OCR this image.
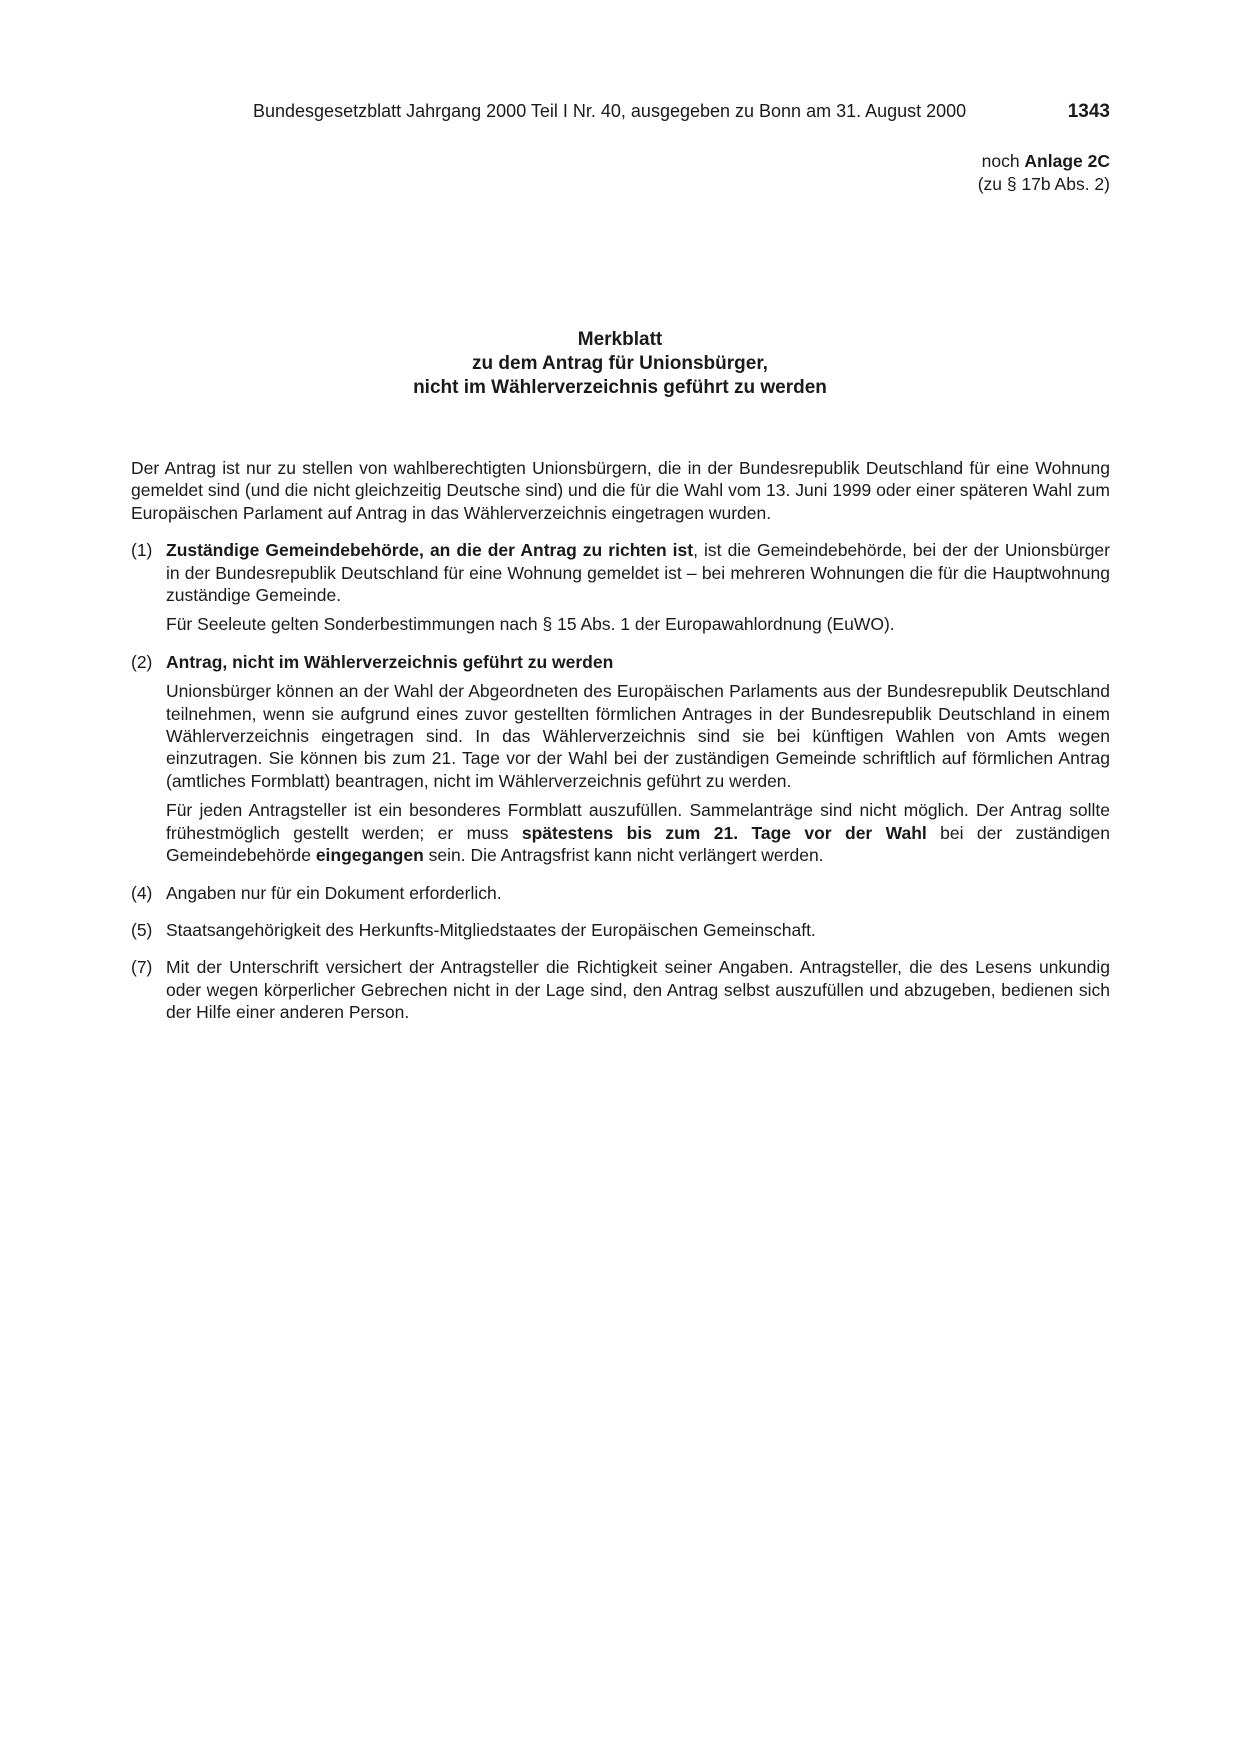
Bundesgesetzblatt Jahrgang 2000 Teil I Nr. 40, ausgegeben zu Bonn am 31. August 2000	1343
noch Anlage 2C
(zu § 17b Abs. 2)
Merkblatt
zu dem Antrag für Unionsbürger,
nicht im Wählerverzeichnis geführt zu werden

Der Antrag ist nur zu stellen von wahlberechtigten Unionsbürgern, die in der Bundesrepublik Deutschland für eine Wohnung gemeldet sind (und die nicht gleichzeitig Deutsche sind) und die für die Wahl vom 13. Juni 1999 oder einer späteren Wahl zum Europäischen Parlament auf Antrag in das Wählerverzeichnis eingetragen wurden.

(1) Zuständige Gemeindebehörde, an die der Antrag zu richten ist, ist die Gemeindebehörde, bei der der Unionsbürger in der Bundesrepublik Deutschland für eine Wohnung gemeldet ist – bei mehreren Wohnungen die für die Hauptwohnung zuständige Gemeinde.

Für Seeleute gelten Sonderbestimmungen nach § 15 Abs. 1 der Europawahlordnung (EuWO).

(2) Antrag, nicht im Wählerverzeichnis geführt zu werden

Unionsbürger können an der Wahl der Abgeordneten des Europäischen Parlaments aus der Bundesrepublik Deutschland teilnehmen, wenn sie aufgrund eines zuvor gestellten förmlichen Antrages in der Bundesrepublik Deutschland in einem Wählerverzeichnis eingetragen sind. In das Wählerverzeichnis sind sie bei künftigen Wahlen von Amts wegen einzutragen. Sie können bis zum 21. Tage vor der Wahl bei der zuständigen Gemeinde schriftlich auf förmlichen Antrag (amtliches Formblatt) beantragen, nicht im Wählerverzeichnis geführt zu werden.

Für jeden Antragsteller ist ein besonderes Formblatt auszufüllen. Sammelanträge sind nicht möglich. Der Antrag sollte frühestmöglich gestellt werden; er muss spätestens bis zum 21. Tage vor der Wahl bei der zuständigen Gemeindebehörde eingegangen sein. Die Antragsfrist kann nicht verlängert werden.

(4) Angaben nur für ein Dokument erforderlich.

(5) Staatsangehörigkeit des Herkunfts-Mitgliedstaates der Europäischen Gemeinschaft.

(7) Mit der Unterschrift versichert der Antragsteller die Richtigkeit seiner Angaben. Antragsteller, die des Lesens unkundig oder wegen körperlicher Gebrechen nicht in der Lage sind, den Antrag selbst auszufüllen und abzugeben, bedienen sich der Hilfe einer anderen Person.
